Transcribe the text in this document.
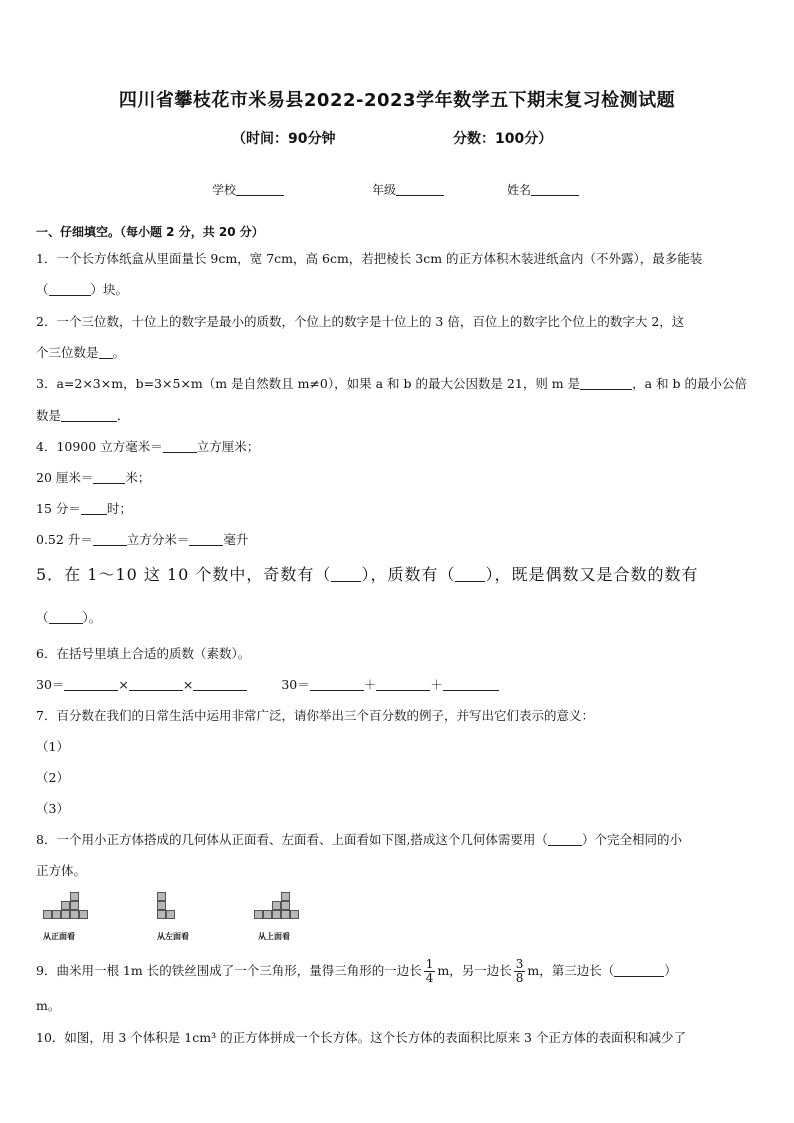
四川省攀枝花市米易县2022-2023学年数学五下期末复习检测试题
（时间：90分钟	分数：100分）
学校	年级	姓名
一、仔细填空。（每小题 2 分，共 20 分）
1．一个长方体纸盒从里面量长 9cm，宽 7cm，高 6cm，若把棱长 3cm 的正方体积木装进纸盒内（不外露），最多能装
（	）块。
2．一个三位数，十位上的数字是最小的质数，个位上的数字是十位上的 3 倍，百位上的数字比个位上的数字大 2，这
个三位数是 。
3．a=2×3×m，b=3×5×m（m 是自然数且 m≠0），如果 a 和 b 的最大公因数是 21，则 m 是	，a 和 b 的最小公倍
数是	．
4．10900 立方毫米＝	立方厘米；
20 厘米＝	米；
15 分＝ 时；
0.52 升＝	立方分米＝	毫升
5．在 1～10 这 10 个数中，奇数有（ ），质数有（ ），既是偶数又是合数的数有
（	）。
6．在括号里填上合适的质数（素数）。
30＝	×	×	30＝	＋	＋
7．百分数在我们的日常生活中运用非常广泛，请你举出三个百分数的例子，并写出它们表示的意义：
（1）
（2）
（3）
8．一个用小正方体搭成的几何体从正面看、左面看、上面看如下图,搭成这个几何体需要用（	）个完全相同的小
正方体。
从正面看	从左面看	从上面看
9．曲米用一根 1m 长的铁丝围成了一个三角形，量得三角形的一边长 $\frac{1}{4}$ m，另一边长 $\frac{3}{8}$ m，第三边长（	）
m。
10．如图，用 3 个体积是 1cm³ 的正方体拼成一个长方体。这个长方体的表面积比原来 3 个正方体的表面积和减少了
